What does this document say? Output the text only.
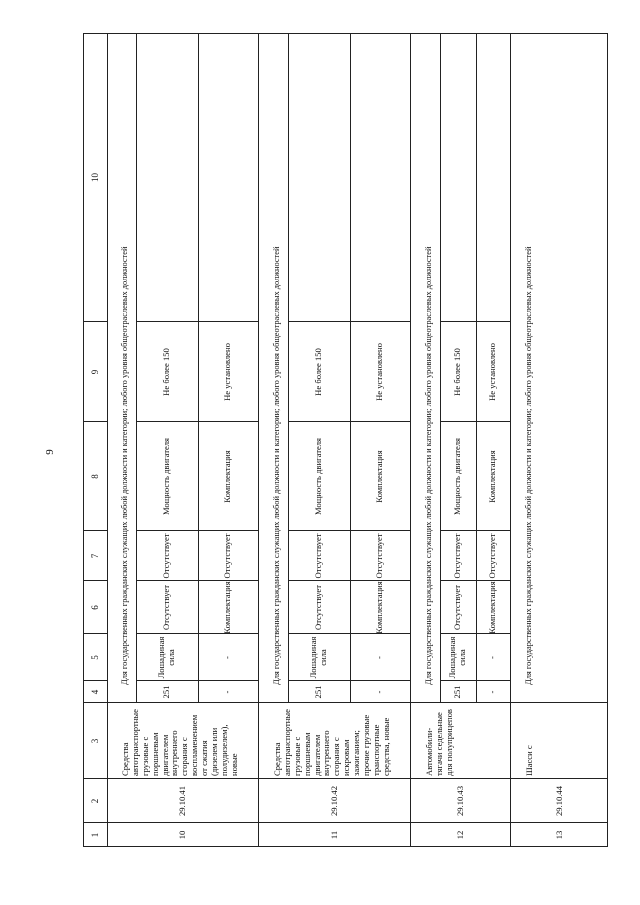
9
1
2
3
4
5
6
7
8
9
10
10
29.10.41
Средства автотранспортные грузовые с поршневым двигателем внутреннего сгорания с воспламенением от сжатия (дизелем или полудизелем), новые
Для государственных гражданских служащих любой должности и категории; любого уровня общеотраслевых должностей
251
Лошадиная сила
Отсутствует
Отсутствует
Мощность двигателя
Не более 150
-
-
Комплектация
Отсутствует
Комплектация
Не установлено
11
29.10.42
Средства автотранспортные грузовые с поршневым двигателем внутреннего сгорания с искровым зажиганием; прочие грузовые транспортные средства, новые
Для государственных гражданских служащих любой должности и категории; любого уровня общеотраслевых должностей
251
Лошадиная сила
Отсутствует
Отсутствует
Мощность двигателя
Не более 150
-
-
Комплектация
Отсутствует
Комплектация
Не установлено
12
29.10.43
Автомобили-тягачи седельные для полуприцепов
Для государственных гражданских служащих любой должности и категории; любого уровня общеотраслевых должностей
251
Лошадиная сила
Отсутствует
Отсутствует
Мощность двигателя
Не более 150
-
-
Комплектация
Отсутствует
Комплектация
Не установлено
13
29.10.44
Шасси с
Для государственных гражданских служащих любой должности и категории; любого уровня общеотраслевых должностей
